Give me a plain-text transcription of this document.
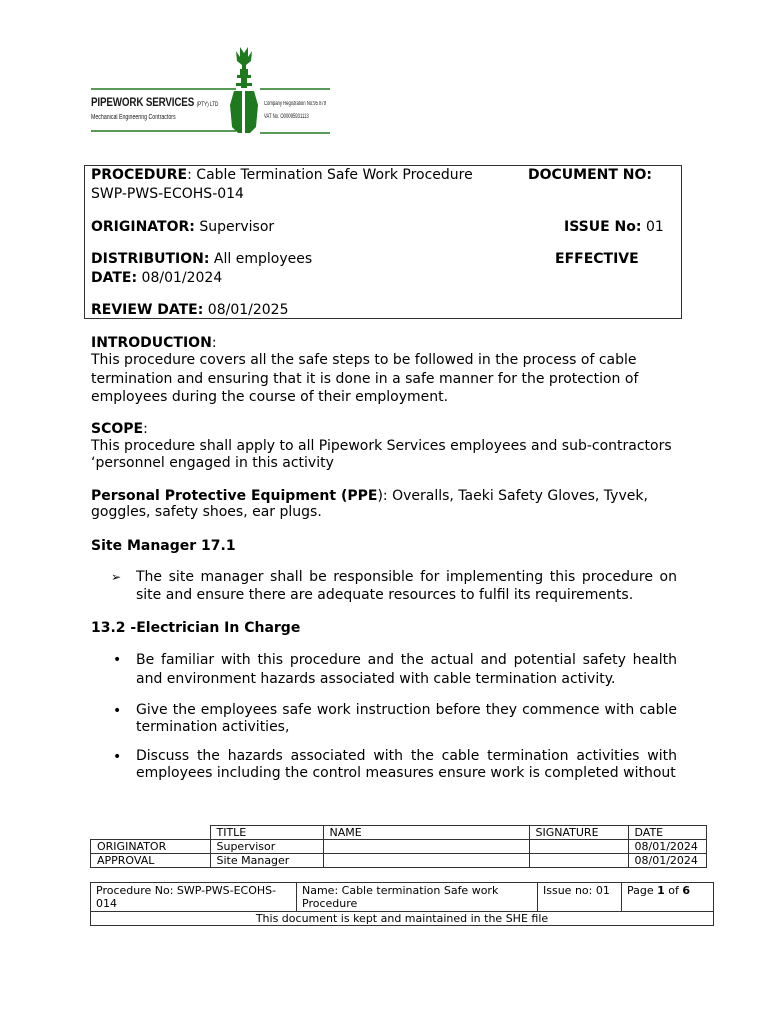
PIPEWORK SERVICES (PTY) LTD
Mechanical Engineering Contractors
Company Registration No:95 879
VAT No. O00095931113
PROCEDURE: Cable Termination Safe Work Procedure	DOCUMENT NO:
SWP-PWS-ECOHS-014
ORIGINATOR: Supervisor	ISSUE No: 01
DISTRIBUTION: All employees	EFFECTIVE
DATE: 08/01/2024
REVIEW DATE: 08/01/2025
INTRODUCTION:
This procedure covers all the safe steps to be followed in the process of cable
termination and ensuring that it is done in a safe manner for the protection of
employees during the course of their employment.
SCOPE:
This procedure shall apply to all Pipework Services employees and sub-contractors
‘personnel engaged in this activity
Personal Protective Equipment (PPE): Overalls, Taeki Safety Gloves, Tyvek,
goggles, safety shoes, ear plugs.
Site Manager 17.1
➢ The site manager shall be responsible for implementing this procedure on site and ensure there are adequate resources to fulfil its requirements.
13.2 -Electrician In Charge
• Be familiar with this procedure and the actual and potential safety health and environment hazards associated with cable termination activity.
• Give the employees safe work instruction before they commence with cable termination activities,
• Discuss the hazards associated with the cable termination activities with employees including the control measures ensure work is completed without
	TITLE	NAME	SIGNATURE	DATE
ORIGINATOR	Supervisor			08/01/2024
APPROVAL	Site Manager			08/01/2024
Procedure No: SWP-PWS-ECOHS-014	Name: Cable termination Safe work Procedure	Issue no: 01	Page 1 of 6
This document is kept and maintained in the SHE file
